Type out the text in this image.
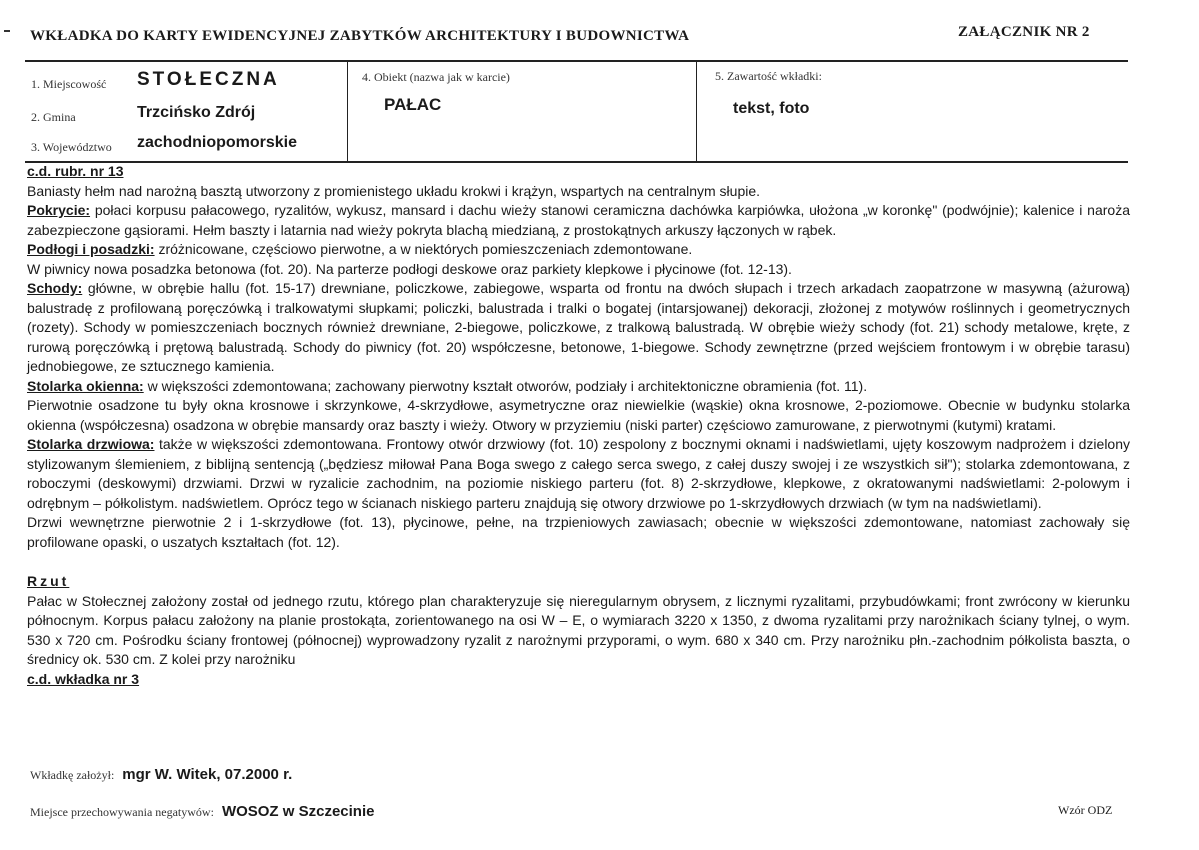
WKŁADKA DO KARTY EWIDENCYJNEJ ZABYTKÓW ARCHITEKTURY I BUDOWNICTWA	ZAŁĄCZNIK NR 2
1. Miejscowość STOŁECZNA
2. Gmina	Trzcińsko Zdrój
3. Województwo zachodniopomorskie
4. Obiekt (nazwa jak w karcie)
PAŁAC
5. Zawartość wkładki:
tekst, foto

c.d. rubr. nr 13

Baniasty hełm nad narożną basztą utworzony z promienistego układu krokwi i krążyn, wspartych na centralnym słupie.

Pokrycie: połaci korpusu pałacowego, ryzalitów, wykusz, mansard i dachu wieży stanowi ceramiczna dachówka karpiówka, ułożona „w koronkę" (podwójnie); kalenice i naroża zabezpieczone gąsiorami. Hełm baszty i latarnia nad wieży pokryta blachą miedzianą, z prostokątnych arkuszy łączonych w rąbek.

Podłogi i posadzki: zróżnicowane, częściowo pierwotne, a w niektórych pomieszczeniach zdemontowane.

W piwnicy nowa posadzka betonowa (fot. 20). Na parterze podłogi deskowe oraz parkiety klepkowe i płycinowe (fot. 12-13).

Schody: główne, w obrębie hallu (fot. 15-17) drewniane, policzkowe, zabiegowe, wsparta od frontu na dwóch słupach i trzech arkadach zaopatrzone w masywną (ażurową) balustradę z profilowaną poręczówką i tralkowatymi słupkami; policzki, balustrada i tralki o bogatej (intarsjowanej) dekoracji, złożonej z motywów roślinnych i geometrycznych (rozety). Schody w pomieszczeniach bocznych również drewniane, 2-biegowe, policzkowe, z tralkową balustradą. W obrębie wieży schody (fot. 21) schody metalowe, kręte, z rurową poręczówką i prętową balustradą. Schody do piwnicy (fot. 20) współczesne, betonowe, 1-biegowe. Schody zewnętrzne (przed wejściem frontowym i w obrębie tarasu) jednobiegowe, ze sztucznego kamienia.

Stolarka okienna: w większości zdemontowana; zachowany pierwotny kształt otworów, podziały i architektoniczne obramienia (fot. 11).

Pierwotnie osadzone tu były okna krosnowe i skrzynkowe, 4-skrzydłowe, asymetryczne oraz niewielkie (wąskie) okna krosnowe, 2-poziomowe. Obecnie w budynku stolarka okienna (współczesna) osadzona w obrębie mansardy oraz baszty i wieży. Otwory w przyziemiu (niski parter) częściowo zamurowane, z pierwotnymi (kutymi) kratami.

Stolarka drzwiowa: także w większości zdemontowana. Frontowy otwór drzwiowy (fot. 10) zespolony z bocznymi oknami i nadświetlami, ujęty koszowym nadprożem i dzielony stylizowanym ślemieniem, z biblijną sentencją („będziesz miłował Pana Boga swego z całego serca swego, z całej duszy swojej i ze wszystkich sił"); stolarka zdemontowana, z roboczymi (deskowymi) drzwiami. Drzwi w ryzalicie zachodnim, na poziomie niskiego parteru (fot. 8) 2-skrzydłowe, klepkowe, z okratowanymi nadświetlami: 2-polowym i odrębnym – półkolistym. nadświetlem. Oprócz tego w ścianach niskiego parteru znajdują się otwory drzwiowe po 1-skrzydłowych drzwiach (w tym na nadświetlami).

Drzwi wewnętrzne pierwotnie 2 i 1-skrzydłowe (fot. 13), płycinowe, pełne, na trzpieniowych zawiasach; obecnie w większości zdemontowane, natomiast zachowały się profilowane opaski, o uszatych kształtach (fot. 12).

Rzut

Pałac w Stołecznej założony został od jednego rzutu, którego plan charakteryzuje się nieregularnym obrysem, z licznymi ryzalitami, przybudówkami; front zwrócony w kierunku północnym. Korpus pałacu założony na planie prostokąta, zorientowanego na osi W – E, o wymiarach 3220 x 1350, z dwoma ryzalitami przy narożnikach ściany tylnej, o wym. 530 x 720 cm. Pośrodku ściany frontowej (północnej) wyprowadzony ryzalit z narożnymi przyporami, o wym. 680 x 340 cm. Przy narożniku płn.-zachodnim półkolista baszta, o średnicy ok. 530 cm. Z kolei przy narożniku

c.d. wkładka nr 3

Wkładkę założył: mgr W. Witek, 07.2000 r.
Miejsce przechowywania negatywów: WOSOZ w Szczecinie	Wzór ODZ
